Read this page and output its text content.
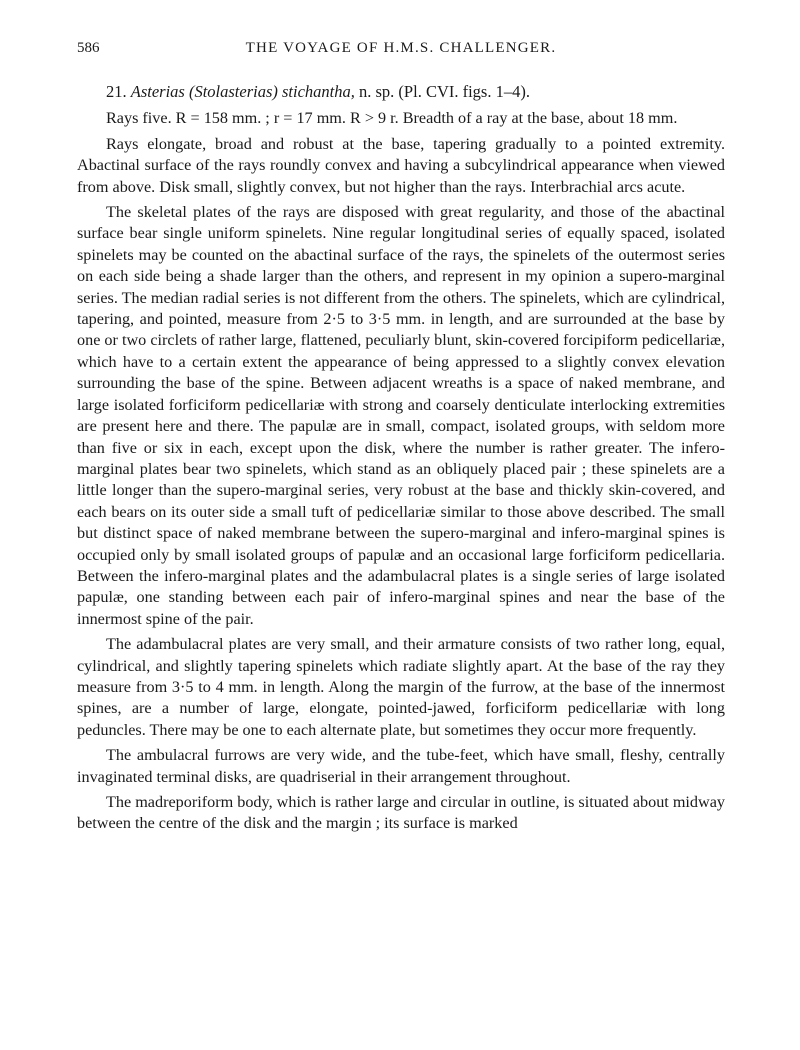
586	THE VOYAGE OF H.M.S. CHALLENGER.

21. Asterias (Stolasterias) stichantha, n. sp. (Pl. CVI. figs. 1–4).

Rays five. R = 158 mm. ; r = 17 mm. R > 9 r. Breadth of a ray at the base, about 18 mm.

Rays elongate, broad and robust at the base, tapering gradually to a pointed extremity. Abactinal surface of the rays roundly convex and having a subcylindrical appearance when viewed from above. Disk small, slightly convex, but not higher than the rays. Interbrachial arcs acute.

The skeletal plates of the rays are disposed with great regularity, and those of the abactinal surface bear single uniform spinelets. Nine regular longitudinal series of equally spaced, isolated spinelets may be counted on the abactinal surface of the rays, the spinelets of the outermost series on each side being a shade larger than the others, and represent in my opinion a supero-marginal series. The median radial series is not different from the others. The spinelets, which are cylindrical, tapering, and pointed, measure from 2·5 to 3·5 mm. in length, and are surrounded at the base by one or two circlets of rather large, flattened, peculiarly blunt, skin-covered forcipiform pedicellariæ, which have to a certain extent the appearance of being appressed to a slightly convex elevation surrounding the base of the spine. Between adjacent wreaths is a space of naked membrane, and large isolated forficiform pedicellariæ with strong and coarsely denticulate interlocking extremities are present here and there. The papulæ are in small, compact, isolated groups, with seldom more than five or six in each, except upon the disk, where the number is rather greater. The infero-marginal plates bear two spinelets, which stand as an obliquely placed pair ; these spinelets are a little longer than the supero-marginal series, very robust at the base and thickly skin-covered, and each bears on its outer side a small tuft of pedicellariæ similar to those above described. The small but distinct space of naked membrane between the supero-marginal and infero-marginal spines is occupied only by small isolated groups of papulæ and an occasional large forficiform pedicellaria. Between the infero-marginal plates and the adambulacral plates is a single series of large isolated papulæ, one standing between each pair of infero-marginal spines and near the base of the innermost spine of the pair.

The adambulacral plates are very small, and their armature consists of two rather long, equal, cylindrical, and slightly tapering spinelets which radiate slightly apart. At the base of the ray they measure from 3·5 to 4 mm. in length. Along the margin of the furrow, at the base of the innermost spines, are a number of large, elongate, pointed-jawed, forficiform pedicellariæ with long peduncles. There may be one to each alternate plate, but sometimes they occur more frequently.

The ambulacral furrows are very wide, and the tube-feet, which have small, fleshy, centrally invaginated terminal disks, are quadriserial in their arrangement throughout.

The madreporiform body, which is rather large and circular in outline, is situated about midway between the centre of the disk and the margin ; its surface is marked
